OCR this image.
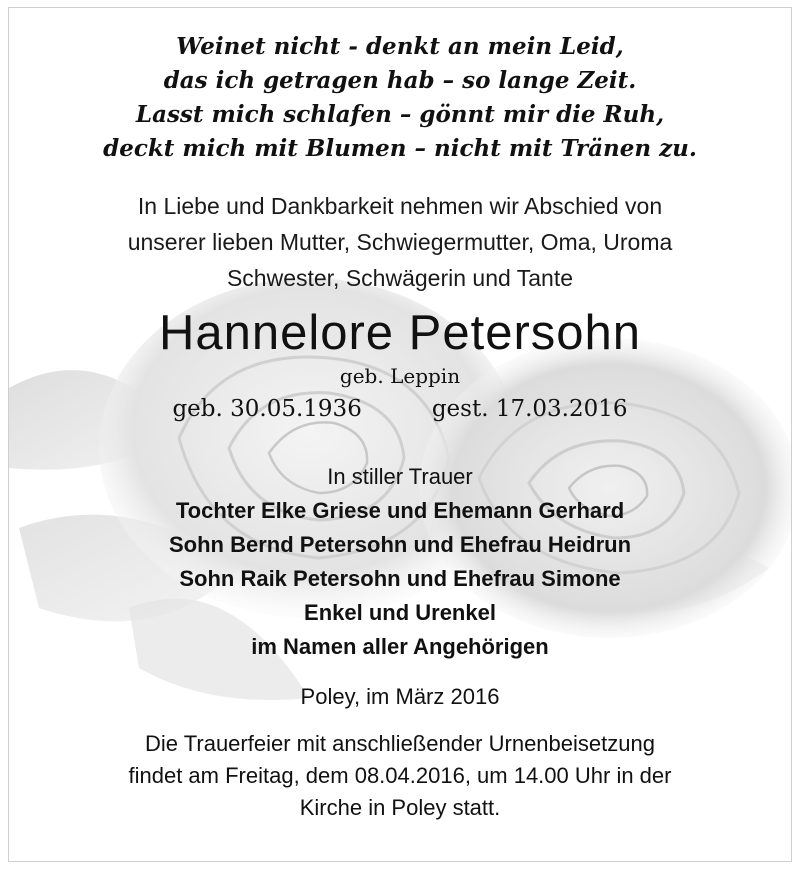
Weinet nicht - denkt an mein Leid,
das ich getragen hab – so lange Zeit.
Lasst mich schlafen – gönnt mir die Ruh,
deckt mich mit Blumen – nicht mit Tränen zu.
In Liebe und Dankbarkeit nehmen wir Abschied von
unserer lieben Mutter, Schwiegermutter, Oma, Uroma
Schwester, Schwägerin und Tante
Hannelore Petersohn
geb. Leppin
geb. 30.05.1936	gest. 17.03.2016
In stiller Trauer
Tochter Elke Griese und Ehemann Gerhard
Sohn Bernd Petersohn und Ehefrau Heidrun
Sohn Raik Petersohn und Ehefrau Simone
Enkel und Urenkel
im Namen aller Angehörigen
Poley, im März 2016
Die Trauerfeier mit anschließender Urnenbeisetzung
findet am Freitag, dem 08.04.2016, um 14.00 Uhr in der
Kirche in Poley statt.
